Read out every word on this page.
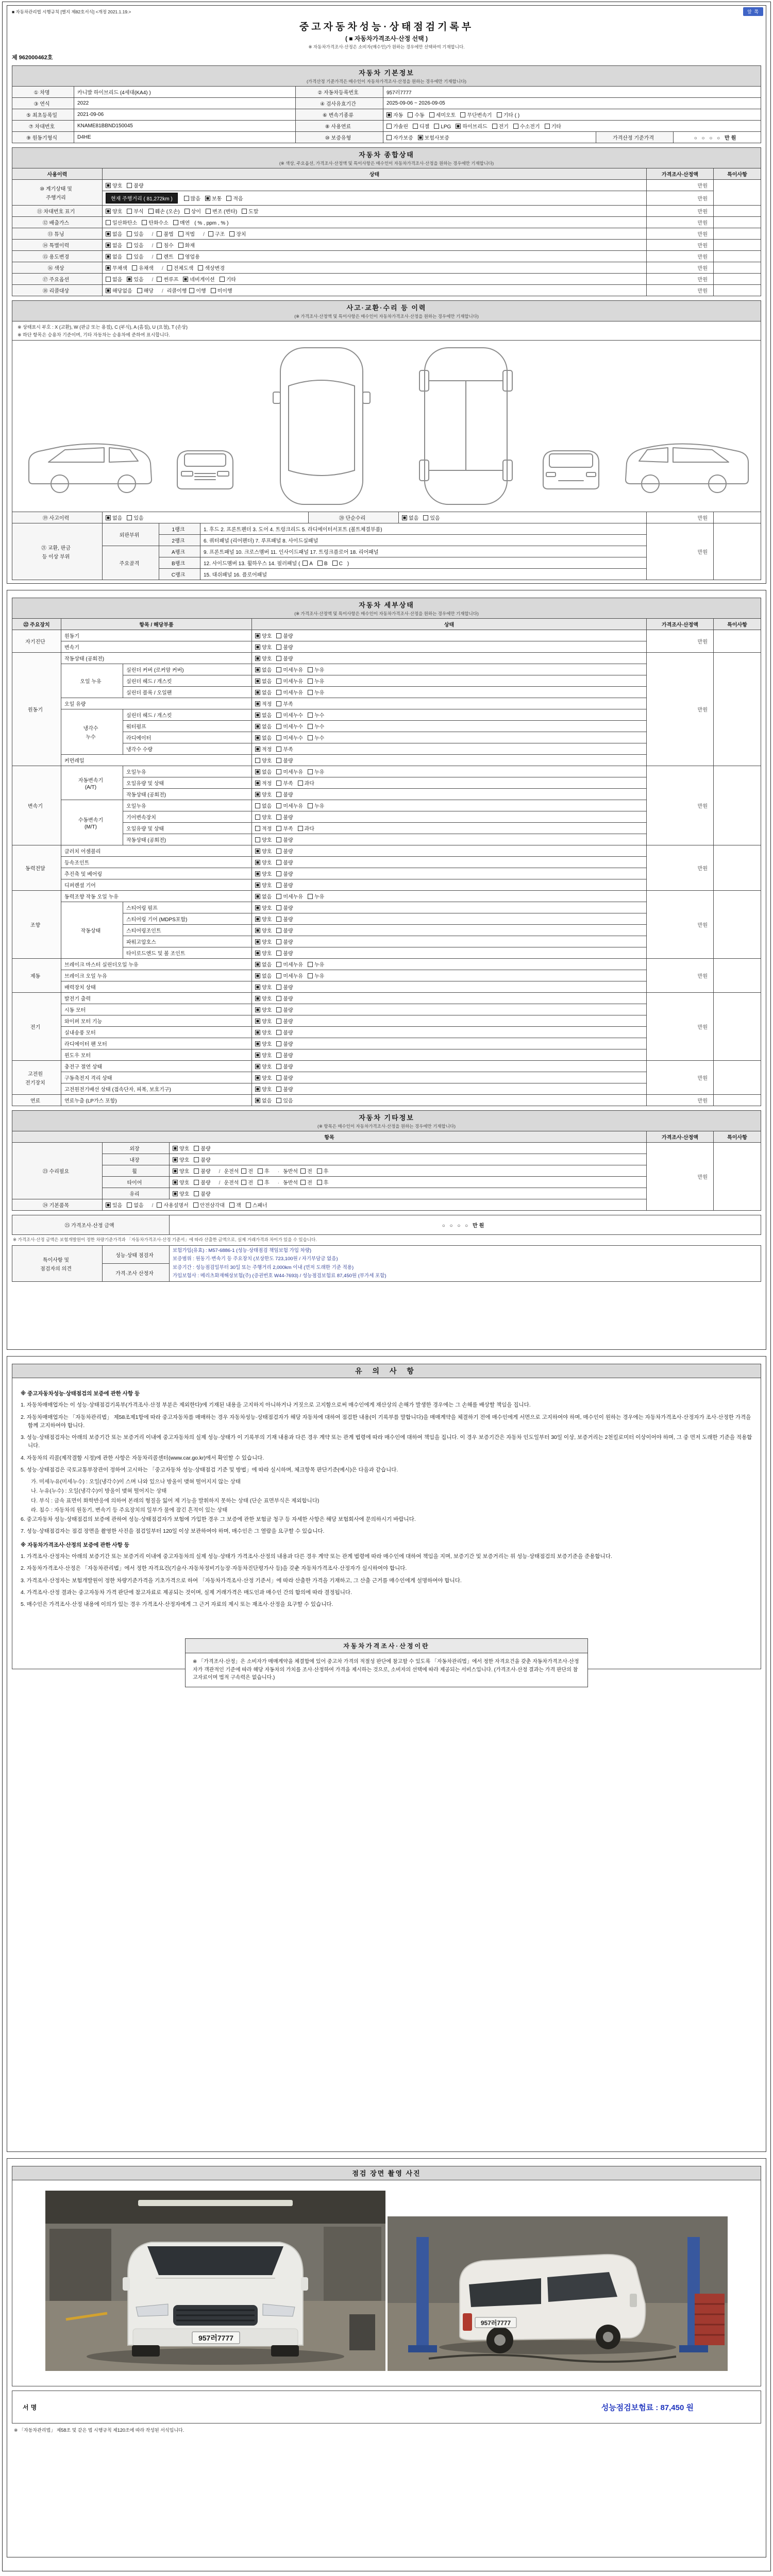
■ 자동차관리법 시행규칙 [별지 제82호서식] <개정 2021.1.19.>	앞 쪽
중고자동차성능·상태점검기록부
( ■ 자동차가격조사·산정 선택 )
※ 자동차가격조사·산정은 소비자(매수인)가 원하는 경우에만 선택하여 기재합니다.
제 962000462호
자동차 기본정보
(가격산정 기준가격은 매수인이 자동차가격조사·산정을 원하는 경우에만 기재합니다)
① 차명	카니발 하이브리드 (4세대(KA4) )	② 자동차등록번호	957러7777		

③ 연식	2022	④ 검사유효기간	2025-09-06 ~ 2026-09-05		

⑤ 최초등록일	2021-09-06	⑥ 변속기종류	자동 수동 세미오토 무단변속기 기타 ( )		

⑦ 차대번호	KNAME81BBND150045	⑧ 사용연료	가솔린 디젤 LPG 하이브리드 전기 수소전기 기타		

⑨ 원동기형식	D4HE	⑩ 보증유형	자가보증 보험사보증	가격산정 기준가격	○ ○ ○ ○ 만원
자동차 종합상태
(※ 색상, 주요옵션, 가격조사·산정액 및 특이사항은 매수인이 자동차가격조사·산정을 원하는 경우에만 기재합니다)
사용이력	상태	가격조사·산정액	특이사항

⑩ 계기상태 및
주행거리	양호 불량	만원	

	현재 주행거리 ( 81,272km ) 많음 보통 적음	만원	

⑪ 차대번호 표기	양호 부식 훼손 (오손) 상이 변조 (변타) 도말	만원	

⑫ 배출가스	일산화탄소 탄화수소 매연 ( % , ppm , % )	만원	

⑬ 튜닝	없음 있음 / 불법 적법 / 구조 장치	만원	

⑭ 특별이력	없음 있음 / 침수 화재	만원	

⑮ 용도변경	없음 있음 / 렌트 영업용	만원	

⑯ 색상	무채색 유채색 / 전체도색 색상변경	만원	

⑰ 주요옵션	없음 있음 / 썬루프 네비게이션 기타	만원	

⑱ 리콜대상	해당없음 해당 / 리콜이행 이행 미이행	만원	

사고·교환·수리 등 이력
(※ 가격조사·산정액 및 특이사항은 매수인이 자동차가격조사·산정을 원하는 경우에만 기재합니다)
※ 상태표시 부호 : X (교환), W (판금 또는 용접), C (부식), A (흠집), U (요철), T (손상)
※ 하단 항목은 승용차 기준이며, 기타 자동차는 승용차에 준하여 표시합니다.
⑲ 사고이력	없음 있음	⑳ 단순수리	없음 있음	만원

㉑ 교환, 판금
등 이상 부위	외판부위	1랭크	1. 후드 2. 프론트펜더 3. 도어 4. 트렁크리드 5. 라디에이터서포트 (볼트체결부품)	만원	

		2랭크	6. 쿼터패널 (리어펜더) 7. 루프패널 8. 사이드실패널		

	주요골격	A랭크	9. 프론트패널 10. 크로스멤버 11. 인사이드패널 17. 트렁크플로어 18. 리어패널		

		B랭크	12. 사이드멤버 13. 휠하우스 14. 필러패널 ( A B C )		

		C랭크	15. 대쉬패널 16. 플로어패널		
자동차 세부상태
(※ 가격조사·산정액 및 특이사항은 매수인이 자동차가격조사·산정을 원하는 경우에만 기재합니다)
㉒ 주요장치	항목 / 해당부품		상태	가격조사·산정액	특이사항

자기진단	원동기		양호 불량	만원	

	변속기		양호 불량		

원동기	작동상태 (공회전)		양호 불량	만원	

	오일 누유	실린더 커버 (로커암 커버)	없음 미세누유 누유		

		실린더 헤드 / 개스킷	없음 미세누유 누유		

		실린더 블록 / 오일팬	없음 미세누유 누유		

	오일 유량		적정 부족		

	냉각수
누수	실린더 헤드 / 개스킷	없음 미세누수 누수		

		워터펌프	없음 미세누수 누수		

		라디에이터	없음 미세누수 누수		

		냉각수 수량	적정 부족		

	커먼레일		양호 불량		

변속기	자동변속기
(A/T)	오일누유	없음 미세누유 누유	만원	

		오일유량 및 상태	적정 부족 과다		

		작동상태 (공회전)	양호 불량		

	수동변속기
(M/T)	오일누유	없음 미세누유 누유		

		기어변속장치	양호 불량		

		오일유량 및 상태	적정 부족 과다		

		작동상태 (공회전)	양호 불량		

동력전달	클러치 어셈블리		양호 불량	만원	

	등속조인트		양호 불량		

	추진축 및 베어링		양호 불량		

	디퍼렌셜 기어		양호 불량		

조향	동력조향 작동 오일 누유		없음 미세누유 누유	만원	

	작동상태	스티어링 펌프	양호 불량		

		스티어링 기어 (MDPS포함)	양호 불량		

		스티어링조인트	양호 불량		

		파워고압호스	양호 불량		

		타이로드엔드 및 볼 조인트	양호 불량		

제동	브레이크 마스터 실린더오일 누유		없음 미세누유 누유	만원	

	브레이크 오일 누유		없음 미세누유 누유		

	배력장치 상태		양호 불량		

전기	발전기 출력		양호 불량	만원	

	시동 모터		양호 불량		

	와이퍼 모터 기능		양호 불량		

	실내송풍 모터		양호 불량		

	라디에이터 팬 모터		양호 불량		

	윈도우 모터		양호 불량		

고전원
전기장치	충전구 절연 상태		양호 불량	만원	

	구동축전지 격리 상태		양호 불량		

	고전원전기배선 상태 (접속단자, 피복, 보호기구)		양호 불량		

연료	연료누출 (LP가스 포함)		없음 있음	만원	

자동차 기타정보
(※ 항목은 매수인이 자동차가격조사·산정을 원하는 경우에만 기재합니다)
항목			가격조사·산정액	특이사항

㉓ 수리필요	외장	양호 불량	만원	

	내장	양호 불량		

	휠	양호 불량 / 운전석 전 후 · 동반석 전 후		

	타이어	양호 불량 / 운전석 전 후 · 동반석 전 후		

	유리	양호 불량		

㉔ 기본품목	있음 없음 / 사용설명서 안전삼각대 잭 스패너			
㉕ 가격조사·산정 금액	○ ○ ○ ○ 만원
※ 가격조사·산정 금액은 보험개발원이 정한 차량기준가격과 「자동차가격조사·산정 기준서」에 따라 산출한 금액으로, 실제 거래가격과 차이가 있을 수 있습니다.
특이사항 및
점검자의 의견

성능·상태 점검자

보험가입(유효) : M57-6886-1 (성능·상태점검 책임보험 가입 차량)
보증범위 : 원동기·변속기 등 주요장치 (보상한도 723,100원 / 자기부담금 없음)
보증기간 : 성능점검일부터 30일 또는 주행거리 2,000km 이내 (먼저 도래한 기준 적용)
가입보험사 : 메리츠화재해상보험(주) (증권번호 W44-7693) / 성능점검보험료 87,450원 (부가세 포함)

가격·조사 산정자
유 의 사 항
※ 중고자동차성능·상태점검의 보증에 관한 사항 등
1. 자동차매매업자는 이 성능·상태점검기록부(가격조사·산정 부분은 제외한다)에 기재된 내용을 고지하지 아니하거나 거짓으로 고지함으로써 매수인에게 재산상의 손해가 발생한 경우에는 그 손해를 배상할 책임을 집니다.
2. 자동차매매업자는 「자동차관리법」 제58조제1항에 따라 중고자동차를 매매하는 경우 자동차성능·상태점검자가 해당 자동차에 대하여 점검한 내용(이 기록부를 말합니다)을 매매계약을 체결하기 전에 매수인에게 서면으로 고지하여야 하며, 매수인이 원하는 경우에는 자동차가격조사·산정자가 조사·산정한 가격을 함께 고지하여야 합니다.
3. 성능·상태점검자는 아래의 보증기간 또는 보증거리 이내에 중고자동차의 실제 성능·상태가 이 기록부의 기재 내용과 다른 경우 계약 또는 관계 법령에 따라 매수인에 대하여 책임을 집니다. 이 경우 보증기간은 자동차 인도일부터 30일 이상, 보증거리는 2천킬로미터 이상이어야 하며, 그 중 먼저 도래한 기준을 적용합니다.
4. 자동차의 리콜(제작결함 시정)에 관한 사항은 자동차리콜센터(www.car.go.kr)에서 확인할 수 있습니다.
5. 성능·상태점검은 국토교통부장관이 정하여 고시하는 「중고자동차 성능·상태점검 기준 및 방법」에 따라 실시하며, 체크항목 판단기준(예시)은 다음과 같습니다.
가. 미세누유(미세누수) : 오일(냉각수)이 스며 나와 있으나 방울이 맺혀 떨어지지 않는 상태
나. 누유(누수) : 오일(냉각수)이 방울이 맺혀 떨어지는 상태
다. 부식 : 금속 표면이 화학반응에 의하여 본래의 형질을 잃어 제 기능을 발휘하지 못하는 상태 (단순 표면부식은 제외합니다)
라. 침수 : 자동차의 원동기, 변속기 등 주요장치의 일부가 물에 잠긴 흔적이 있는 상태
6. 중고자동차 성능·상태점검의 보증에 관하여 성능·상태점검자가 보험에 가입한 경우 그 보증에 관한 보험금 청구 등 자세한 사항은 해당 보험회사에 문의하시기 바랍니다.
7. 성능·상태점검자는 점검 장면을 촬영한 사진을 점검일부터 120일 이상 보관하여야 하며, 매수인은 그 열람을 요구할 수 있습니다.
※ 자동차가격조사·산정의 보증에 관한 사항 등
1. 가격조사·산정자는 아래의 보증기간 또는 보증거리 이내에 중고자동차의 실제 성능·상태가 가격조사·산정의 내용과 다른 경우 계약 또는 관계 법령에 따라 매수인에 대하여 책임을 지며, 보증기간 및 보증거리는 위 성능·상태점검의 보증기준을 준용합니다.
2. 자동차가격조사·산정은 「자동차관리법」에서 정한 자격요건(기술사·자동차정비기능장·자동차진단평가사 등)을 갖춘 자동차가격조사·산정자가 실시하여야 합니다.
3. 가격조사·산정자는 보험개발원이 정한 차량기준가격을 기초가격으로 하여 「자동차가격조사·산정 기준서」에 따라 산출한 가격을 기재하고, 그 산출 근거를 매수인에게 설명하여야 합니다.
4. 가격조사·산정 결과는 중고자동차 가격 판단에 참고자료로 제공되는 것이며, 실제 거래가격은 매도인과 매수인 간의 합의에 따라 결정됩니다.
5. 매수인은 가격조사·산정 내용에 이의가 있는 경우 가격조사·산정자에게 그 근거 자료의 제시 또는 재조사·산정을 요구할 수 있습니다.
자동차가격조사·산정이란
※ 「가격조사·산정」은 소비자가 매매계약을 체결함에 있어 중고차 가격의 적절성 판단에 참고할 수 있도록 「자동차관리법」에서 정한 자격요건을 갖춘 자동차가격조사·산정자가 객관적인 기준에 따라 해당 자동차의 가치를 조사·산정하여 가격을 제시하는 것으로, 소비자의 선택에 따라 제공되는 서비스입니다. (가격조사·산정 결과는 가격 판단의 참고자료이며 법적 구속력은 없습니다.)
점검 장면 촬영 사진
957러7777

957러7777
서명	성능점검보험료 : 87,450 원
※ 「자동차관리법」 제58조 및 같은 법 시행규칙 제120조에 따라 작성된 서식입니다.
